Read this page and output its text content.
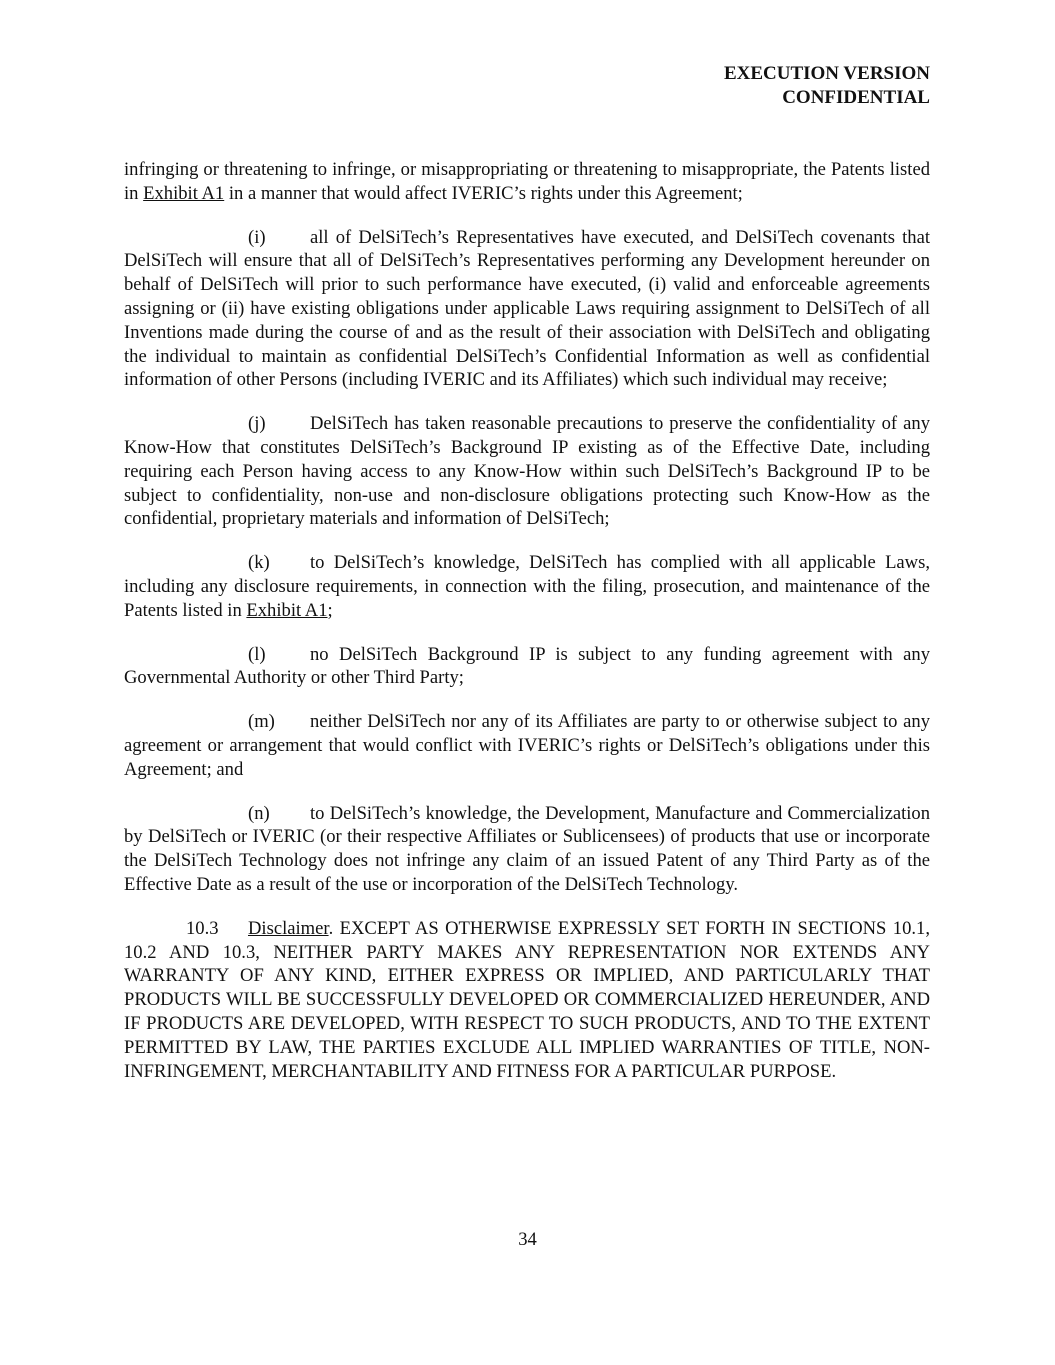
EXECUTION VERSION
CONFIDENTIAL

infringing or threatening to infringe, or misappropriating or threatening to misappropriate, the Patents listed in Exhibit A1 in a manner that would affect IVERIC’s rights under this Agreement;

(i) all of DelSiTech’s Representatives have executed, and DelSiTech covenants that DelSiTech will ensure that all of DelSiTech’s Representatives performing any Development hereunder on behalf of DelSiTech will prior to such performance have executed, (i) valid and enforceable agreements assigning or (ii) have existing obligations under applicable Laws requiring assignment to DelSiTech of all Inventions made during the course of and as the result of their association with DelSiTech and obligating the individual to maintain as confidential DelSiTech’s Confidential Information as well as confidential information of other Persons (including IVERIC and its Affiliates) which such individual may receive;

(j) DelSiTech has taken reasonable precautions to preserve the confidentiality of any Know-How that constitutes DelSiTech’s Background IP existing as of the Effective Date, including requiring each Person having access to any Know-How within such DelSiTech’s Background IP to be subject to confidentiality, non-use and non-disclosure obligations protecting such Know-How as the confidential, proprietary materials and information of DelSiTech;

(k) to DelSiTech’s knowledge, DelSiTech has complied with all applicable Laws, including any disclosure requirements, in connection with the filing, prosecution, and maintenance of the Patents listed in Exhibit A1;

(l) no DelSiTech Background IP is subject to any funding agreement with any Governmental Authority or other Third Party;

(m) neither DelSiTech nor any of its Affiliates are party to or otherwise subject to any agreement or arrangement that would conflict with IVERIC’s rights or DelSiTech’s obligations under this Agreement; and

(n) to DelSiTech’s knowledge, the Development, Manufacture and Commercialization by DelSiTech or IVERIC (or their respective Affiliates or Sublicensees) of products that use or incorporate the DelSiTech Technology does not infringe any claim of an issued Patent of any Third Party as of the Effective Date as a result of the use or incorporation of the DelSiTech Technology.

10.3 Disclaimer. EXCEPT AS OTHERWISE EXPRESSLY SET FORTH IN SECTIONS 10.1, 10.2 AND 10.3, NEITHER PARTY MAKES ANY REPRESENTATION NOR EXTENDS ANY WARRANTY OF ANY KIND, EITHER EXPRESS OR IMPLIED, AND PARTICULARLY THAT PRODUCTS WILL BE SUCCESSFULLY DEVELOPED OR COMMERCIALIZED HEREUNDER, AND IF PRODUCTS ARE DEVELOPED, WITH RESPECT TO SUCH PRODUCTS, AND TO THE EXTENT PERMITTED BY LAW, THE PARTIES EXCLUDE ALL IMPLIED WARRANTIES OF TITLE, NON-INFRINGEMENT, MERCHANTABILITY AND FITNESS FOR A PARTICULAR PURPOSE.

34
